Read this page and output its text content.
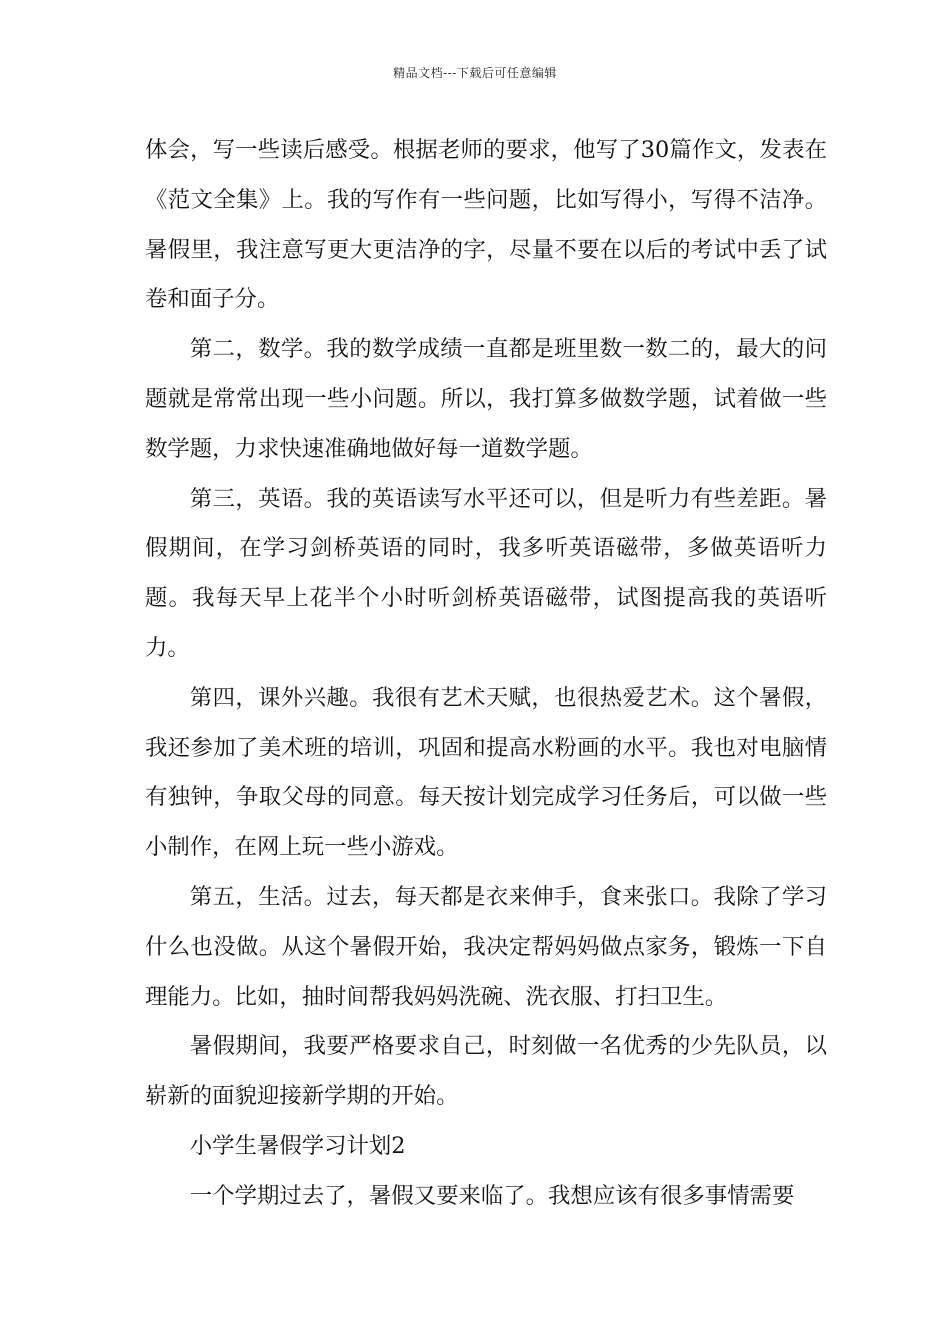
精品文档---下载后可任意编辑

体会，写一些读后感受。根据老师的要求，他写了30篇作文，发表在《范文全集》上。我的写作有一些问题，比如写得小，写得不洁净。暑假里，我注意写更大更洁净的字，尽量不要在以后的考试中丢了试卷和面子分。

第二，数学。我的数学成绩一直都是班里数一数二的，最大的问题就是常常出现一些小问题。所以，我打算多做数学题，试着做一些数学题，力求快速准确地做好每一道数学题。

第三，英语。我的英语读写水平还可以，但是听力有些差距。暑假期间，在学习剑桥英语的同时，我多听英语磁带，多做英语听力题。我每天早上花半个小时听剑桥英语磁带，试图提高我的英语听力。

第四，课外兴趣。我很有艺术天赋，也很热爱艺术。这个暑假，我还参加了美术班的培训，巩固和提高水粉画的水平。我也对电脑情有独钟，争取父母的同意。每天按计划完成学习任务后，可以做一些小制作，在网上玩一些小游戏。

第五，生活。过去，每天都是衣来伸手，食来张口。我除了学习什么也没做。从这个暑假开始，我决定帮妈妈做点家务，锻炼一下自理能力。比如，抽时间帮我妈妈洗碗、洗衣服、打扫卫生。

暑假期间，我要严格要求自己，时刻做一名优秀的少先队员，以崭新的面貌迎接新学期的开始。

小学生暑假学习计划2

一个学期过去了，暑假又要来临了。我想应该有很多事情需要
